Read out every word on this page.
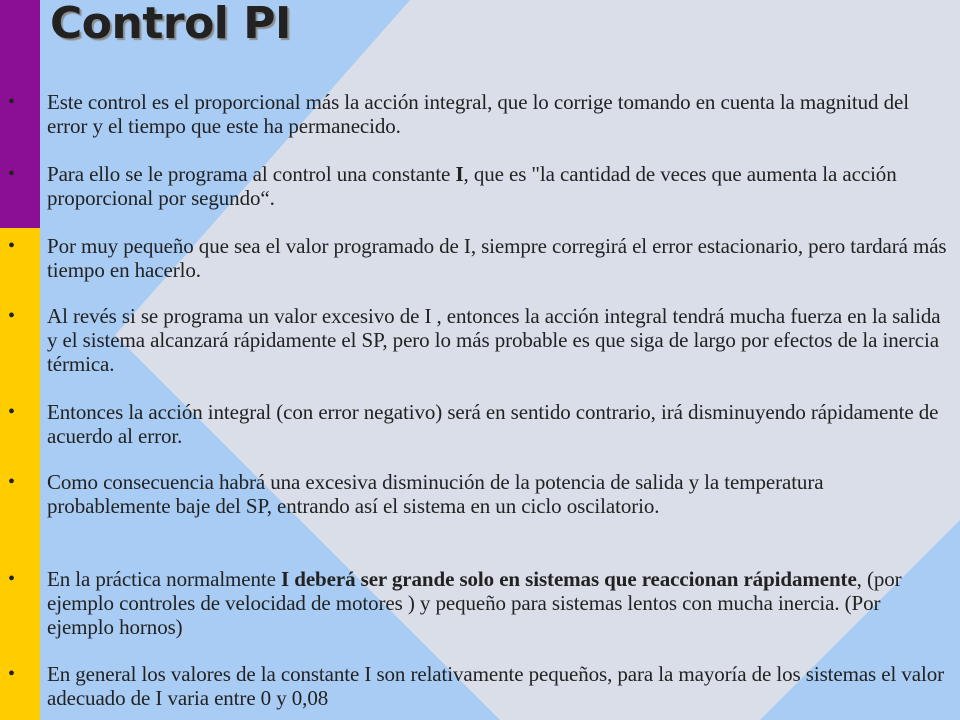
Control PI
• Este control es el proporcional más la acción integral, que lo corrige tomando en cuenta la magnitud del error y el tiempo que este ha permanecido.
• Para ello se le programa al control una constante I, que es "la cantidad de veces que aumenta la acción proporcional por segundo“.
• Por muy pequeño que sea el valor programado de I, siempre corregirá el error estacionario, pero tardará más tiempo en hacerlo.
• Al revés si se programa un valor excesivo de I , entonces la acción integral tendrá mucha fuerza en la salida y el sistema alcanzará rápidamente el SP, pero lo más probable es que siga de largo por efectos de la inercia térmica.
• Entonces la acción integral (con error negativo) será en sentido contrario, irá disminuyendo rápidamente de acuerdo al error.
• Como consecuencia habrá una excesiva disminución de la potencia de salida y la temperatura probablemente baje del SP, entrando así el sistema en un ciclo oscilatorio.
• En la práctica normalmente I deberá ser grande solo en sistemas que reaccionan rápidamente, (por ejemplo controles de velocidad de motores ) y pequeño para sistemas lentos con mucha inercia. (Por ejemplo hornos)
• En general los valores de la constante I son relativamente pequeños, para la mayoría de los sistemas el valor adecuado de I varia entre 0 y 0,08
